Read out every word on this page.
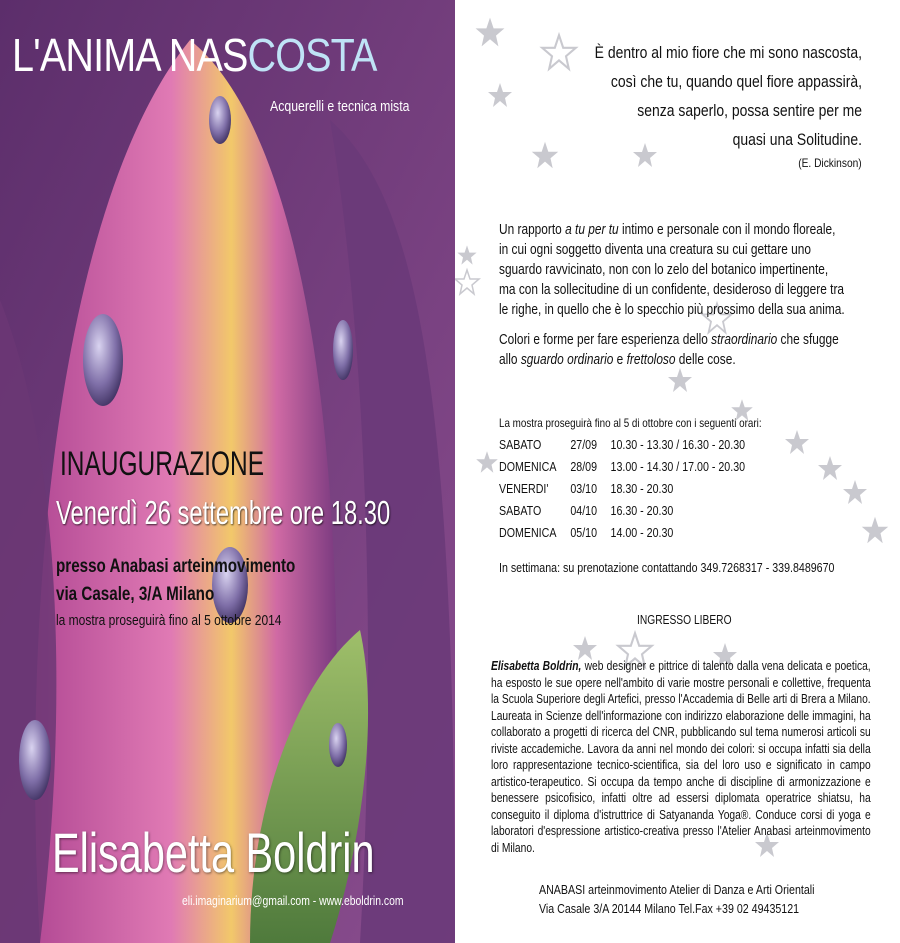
L'ANIMA NASCOSTA
Acquerelli e tecnica mista
INAUGURAZIONE
Venerdì 26 settembre ore 18.30
presso Anabasi arteinmovimento
via Casale, 3/A Milano
la mostra proseguirà fino al 5 ottobre 2014
Elisabetta Boldrin
eli.imaginarium@gmail.com - www.eboldrin.com
È dentro al mio fiore che mi sono nascosta,
così che tu, quando quel fiore appassirà,
senza saperlo, possa sentire per me
quasi una Solitudine.
(E. Dickinson)
Un rapporto a tu per tu intimo e personale con il mondo floreale,
in cui ogni soggetto diventa una creatura su cui gettare uno
sguardo ravvicinato, non con lo zelo del botanico impertinente,
ma con la sollecitudine di un confidente, desideroso di leggere tra
le righe, in quello che è lo specchio più prossimo della sua anima.
Colori e forme per fare esperienza dello straordinario che sfugge
allo sguardo ordinario e frettoloso delle cose.
La mostra proseguirà fino al 5 di ottobre con i seguenti orari:
SABATO 27/09 10.30 - 13.30 / 16.30 - 20.30
DOMENICA 28/09 13.00 - 14.30 / 17.00 - 20.30
VENERDI' 03/10 18.30 - 20.30
SABATO 04/10 16.30 - 20.30
DOMENICA 05/10 14.00 - 20.30
In settimana: su prenotazione contattando 349.7268317 - 339.8489670
INGRESSO LIBERO
Elisabetta Boldrin, web designer e pittrice di talento dalla vena delicata e poetica, ha esposto le sue opere nell'ambito di varie mostre personali e collettive, frequenta la Scuola Superiore degli Artefici, presso l'Accademia di Belle arti di Brera a Milano. Laureata in Scienze dell'informazione con indirizzo elaborazione delle immagini, ha collaborato a progetti di ricerca del CNR, pubblicando sul tema numerosi articoli su riviste accademiche. Lavora da anni nel mondo dei colori: si occupa infatti sia della loro rappresentazione tecnico-scientifica, sia del loro uso e significato in campo artistico-terapeutico. Si occupa da tempo anche di discipline di armonizzazione e benessere psicofisico, infatti oltre ad essersi diplomata operatrice shiatsu, ha conseguito il diploma d'istruttrice di Satyananda Yoga®. Conduce corsi di yoga e laboratori d'espressione artistico-creativa presso l'Atelier Anabasi arteinmovimento di Milano.
ANABASI arteinmovimento Atelier di Danza e Arti Orientali
Via Casale 3/A 20144 Milano Tel.Fax +39 02 49435121
